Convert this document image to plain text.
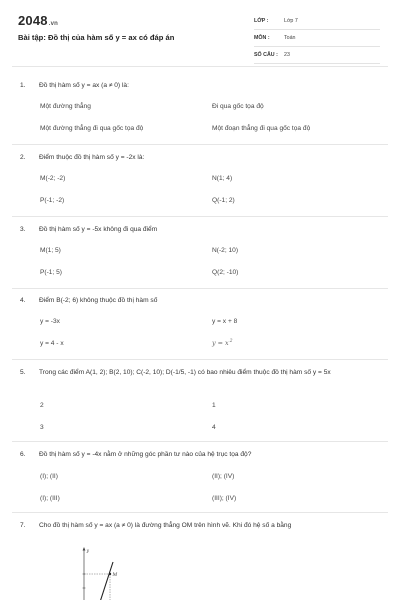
2048.vn
Bài tập: Đồ thị của hàm số y = ax có đáp án
LỚP :	Lớp 7
MÔN :	Toán
SỐ CÂU : 23
1. Đồ thị hàm số y = ax (a ≠ 0) là:
Một đường thẳng	Đi qua gốc tọa độ
Một đường thẳng đi qua gốc tọa độ	Một đoạn thẳng đi qua gốc tọa độ
2. Điểm thuộc đồ thị hàm số y = -2x là:
M(-2; -2)	N(1; 4)
P(-1; -2)	Q(-1; 2)
3. Đồ thị hàm số y = -5x không đi qua điểm
M(1; 5)	N(-2; 10)
P(-1; 5)	Q(2; -10)
4. Điểm B(-2; 6) không thuộc đồ thị hàm số
y = -3x	y = x + 8
y = 4 - x	$y = x^2$
5. Trong các điểm A(1, 2); B(2, 10); C(-2, 10); D(-1/5, -1) có bao nhiêu điểm thuộc đồ thị hàm số y = 5x
2	1
3	4
6. Đồ thị hàm số y = -4x nằm ở những góc phần tư nào của hệ trục tọa độ?
(I); (II)	(II); (IV)
(I); (III)	(III); (IV)
7. Cho đồ thị hàm số y = ax (a ≠ 0) là đường thẳng OM trên hình vẽ. Khi đó hệ số a bằng
y
M
